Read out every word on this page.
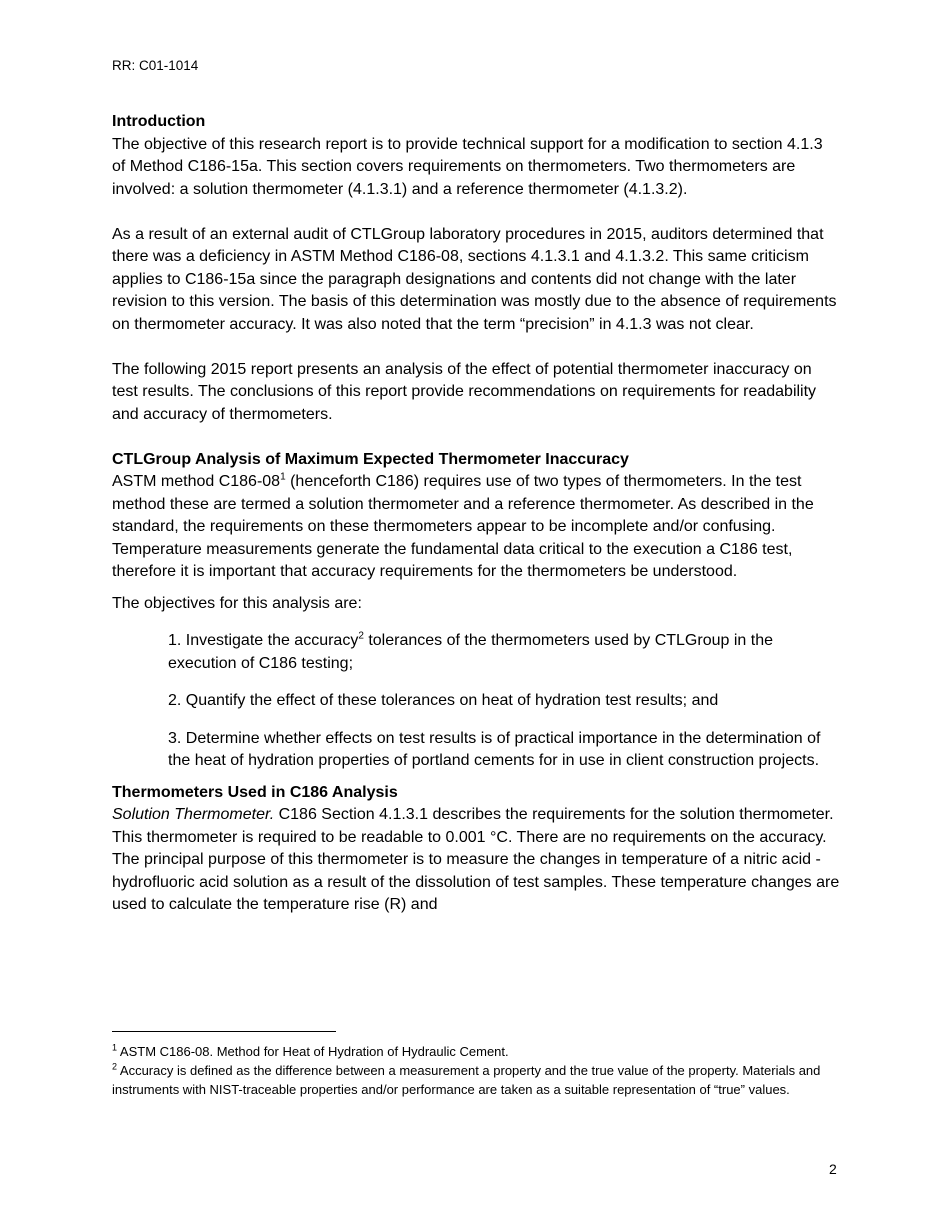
RR: C01-1014

Introduction

The objective of this research report is to provide technical support for a modification to section 4.1.3 of Method C186-15a. This section covers requirements on thermometers. Two thermometers are involved: a solution thermometer (4.1.3.1) and a reference thermometer (4.1.3.2).

As a result of an external audit of CTLGroup laboratory procedures in 2015, auditors determined that there was a deficiency in ASTM Method C186-08, sections 4.1.3.1 and 4.1.3.2. This same criticism applies to C186-15a since the paragraph designations and contents did not change with the later revision to this version. The basis of this determination was mostly due to the absence of requirements on thermometer accuracy. It was also noted that the term “precision” in 4.1.3 was not clear.

The following 2015 report presents an analysis of the effect of potential thermometer inaccuracy on test results. The conclusions of this report provide recommendations on requirements for readability and accuracy of thermometers.

CTLGroup Analysis of Maximum Expected Thermometer Inaccuracy

ASTM method $C186-08^1$ (henceforth C186) requires use of two types of thermometers. In the test method these are termed a solution thermometer and a reference thermometer. As described in the standard, the requirements on these thermometers appear to be incomplete and/or confusing. Temperature measurements generate the fundamental data critical to the execution a C186 test, therefore it is important that accuracy requirements for the thermometers be understood.

The objectives for this analysis are:

1. Investigate the accuracy$^2$ tolerances of the thermometers used by CTLGroup in the execution of C186 testing;

2. Quantify the effect of these tolerances on heat of hydration test results; and

3. Determine whether effects on test results is of practical importance in the determination of the heat of hydration properties of portland cements for in use in client construction projects.

Thermometers Used in C186 Analysis

Solution Thermometer. C186 Section 4.1.3.1 describes the requirements for the solution thermometer. This thermometer is required to be readable to 0.001 °C. There are no requirements on the accuracy. The principal purpose of this thermometer is to measure the changes in temperature of a nitric acid - hydrofluoric acid solution as a result of the dissolution of test samples. These temperature changes are used to calculate the temperature rise (R) and

$^1$ ASTM C186-08. Method for Heat of Hydration of Hydraulic Cement.

$^2$ Accuracy is defined as the difference between a measurement a property and the true value of the property. Materials and instruments with NIST-traceable properties and/or performance are taken as a suitable representation of “true” values.

2
